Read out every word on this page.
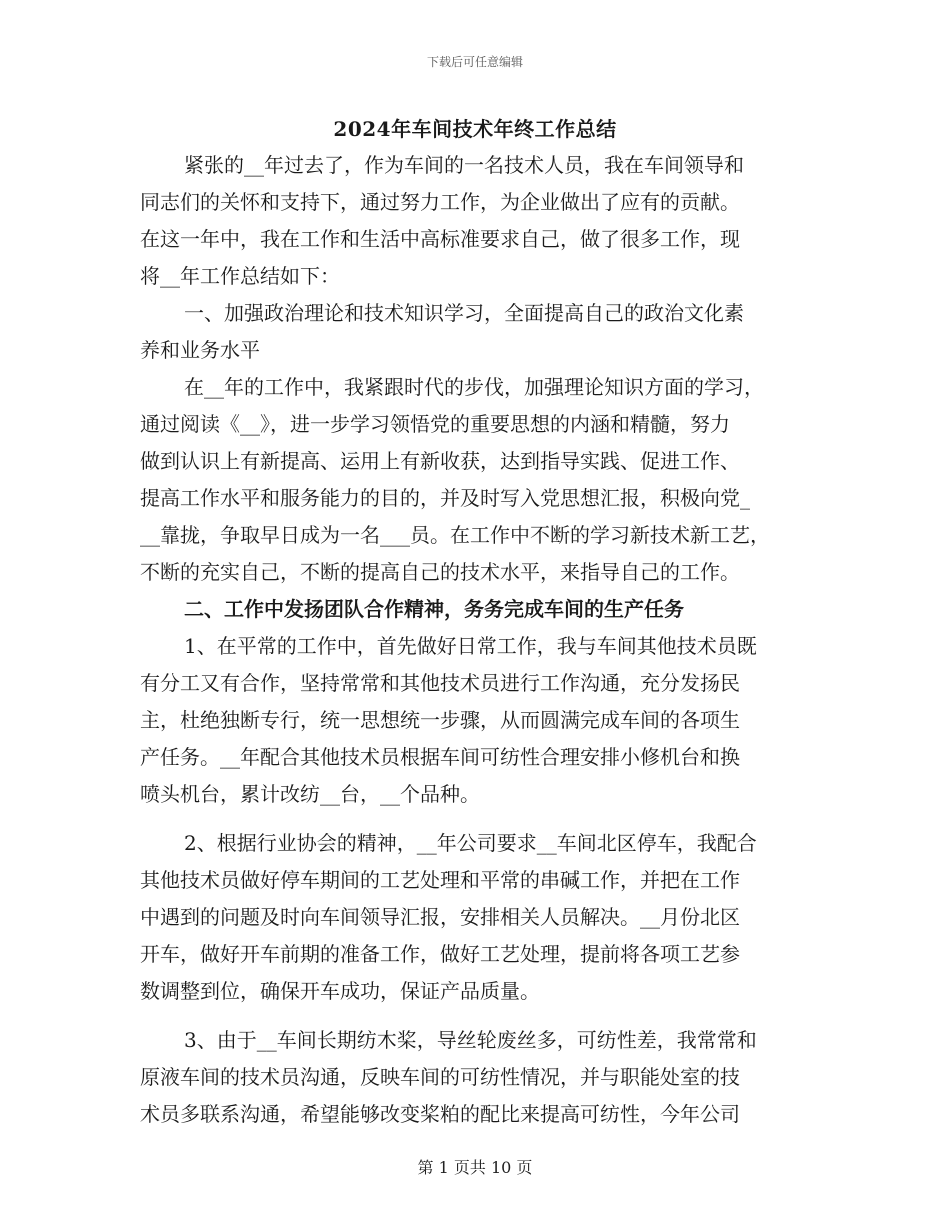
下载后可任意编辑
2024年车间技术年终工作总结
紧张的__年过去了，作为车间的一名技术人员，我在车间领导和
同志们的关怀和支持下，通过努力工作，为企业做出了应有的贡献。
在这一年中，我在工作和生活中高标准要求自己，做了很多工作，现
将__年工作总结如下：
一、加强政治理论和技术知识学习，全面提高自己的政治文化素
养和业务水平
在__年的工作中，我紧跟时代的步伐，加强理论知识方面的学习，
通过阅读《__》，进一步学习领悟党的重要思想的内涵和精髓，努力
做到认识上有新提高、运用上有新收获，达到指导实践、促进工作、
提高工作水平和服务能力的目的，并及时写入党思想汇报，积极向党_
__靠拢，争取早日成为一名___员。在工作中不断的学习新技术新工艺，
不断的充实自己，不断的提高自己的技术水平，来指导自己的工作。
二、工作中发扬团队合作精神，务务完成车间的生产任务
1、在平常的工作中，首先做好日常工作，我与车间其他技术员既
有分工又有合作，坚持常常和其他技术员进行工作沟通，充分发扬民
主，杜绝独断专行，统一思想统一步骤，从而圆满完成车间的各项生
产任务。__年配合其他技术员根据车间可纺性合理安排小修机台和换
喷头机台，累计改纺__台，__个品种。
2、根据行业协会的精神，__年公司要求__车间北区停车，我配合
其他技术员做好停车期间的工艺处理和平常的串碱工作，并把在工作
中遇到的问题及时向车间领导汇报，安排相关人员解决。__月份北区
开车，做好开车前期的准备工作，做好工艺处理，提前将各项工艺参
数调整到位，确保开车成功，保证产品质量。
3、由于__车间长期纺木桨，导丝轮废丝多，可纺性差，我常常和
原液车间的技术员沟通，反映车间的可纺性情况，并与职能处室的技
术员多联系沟通，希望能够改变桨粕的配比来提高可纺性，今年公司
第 1 页共 10 页
